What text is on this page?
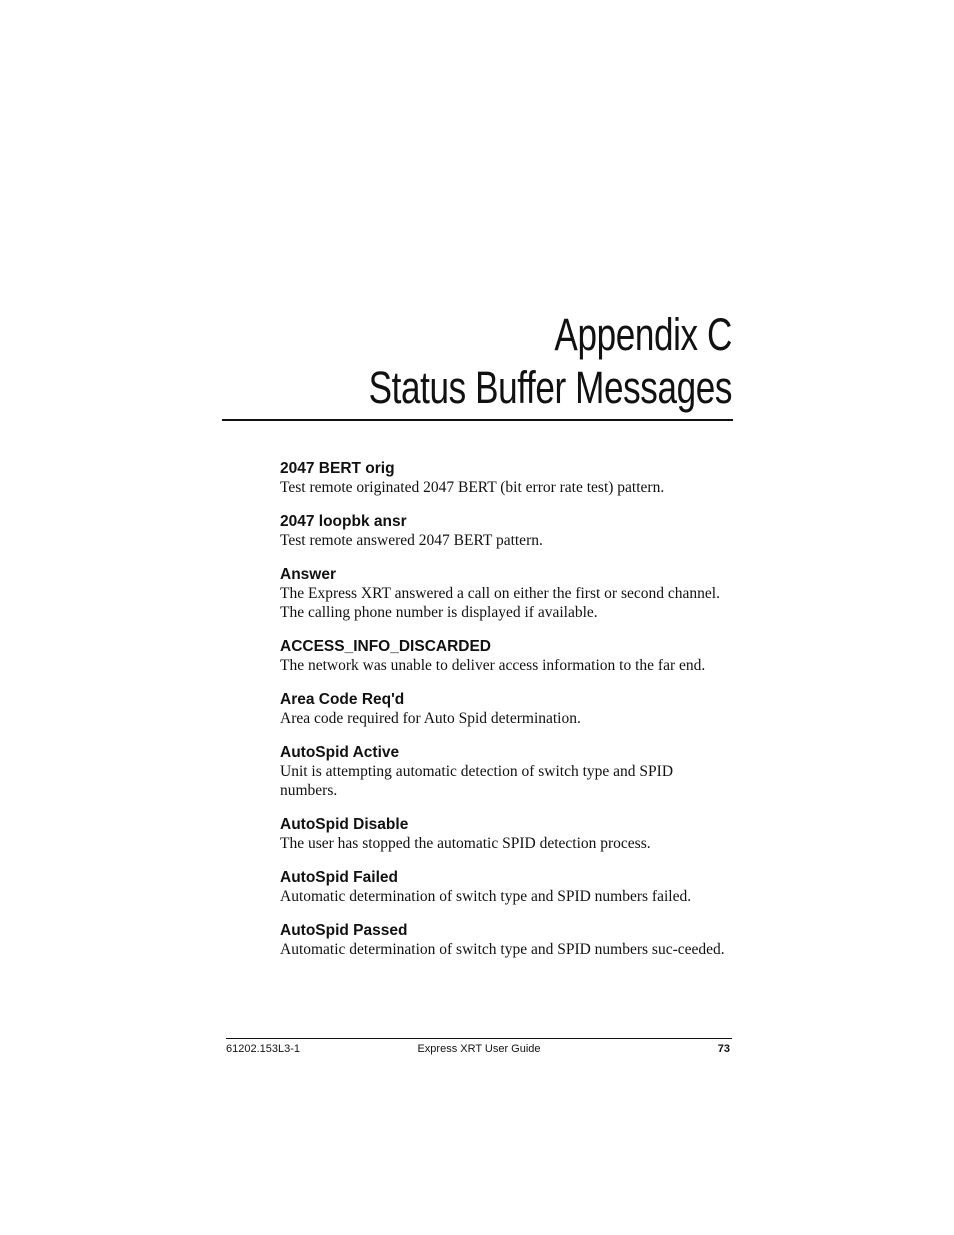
Appendix C
Status Buffer Messages
2047 BERT orig
Test remote originated 2047 BERT (bit error rate test) pattern.
2047 loopbk ansr
Test remote answered 2047 BERT pattern.
Answer
The Express XRT answered a call on either the first or second channel. The calling phone number is displayed if available.
ACCESS_INFO_DISCARDED
The network was unable to deliver access information to the far end.
Area Code Req'd
Area code required for Auto Spid determination.
AutoSpid Active
Unit is attempting automatic detection of switch type and SPID numbers.
AutoSpid Disable
The user has stopped the automatic SPID detection process.
AutoSpid Failed
Automatic determination of switch type and SPID numbers failed.
AutoSpid Passed
Automatic determination of switch type and SPID numbers suc-ceeded.
61202.153L3-1	Express XRT User Guide	73
